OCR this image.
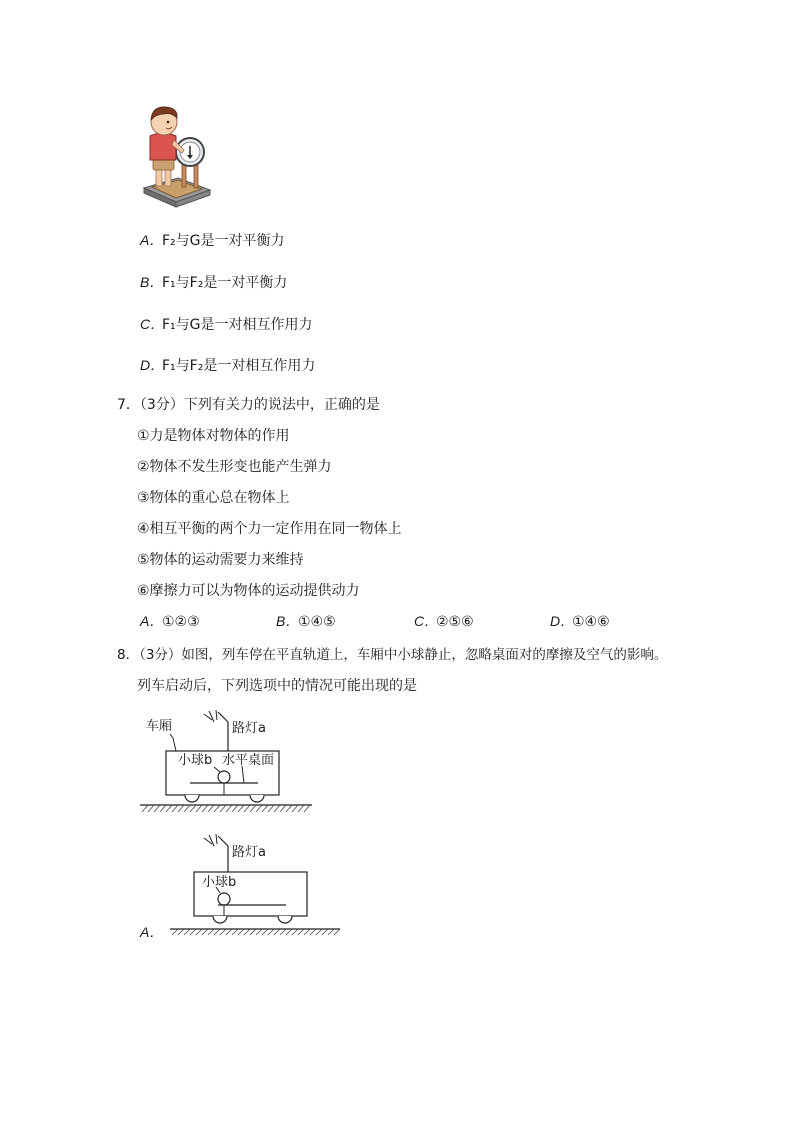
A．F₂与G是一对平衡力
B．F₁与F₂是一对平衡力
C．F₁与G是一对相互作用力
D．F₁与F₂是一对相互作用力
7．（3分）下列有关力的说法中，正确的是
①力是物体对物体的作用
②物体不发生形变也能产生弹力
③物体的重心总在物体上
④相互平衡的两个力一定作用在同一物体上
⑤物体的运动需要力来维持
⑥摩擦力可以为物体的运动提供动力
A．①②③	B．①④⑤	C．②⑤⑥	D．①④⑥
8．（3分）如图，列车停在平直轨道上，车厢中小球静止，忽略桌面对的摩擦及空气的影响。
列车启动后，下列选项中的情况可能出现的是
车厢	路灯a
小球b 水平桌面
A．
路灯a
小球b
